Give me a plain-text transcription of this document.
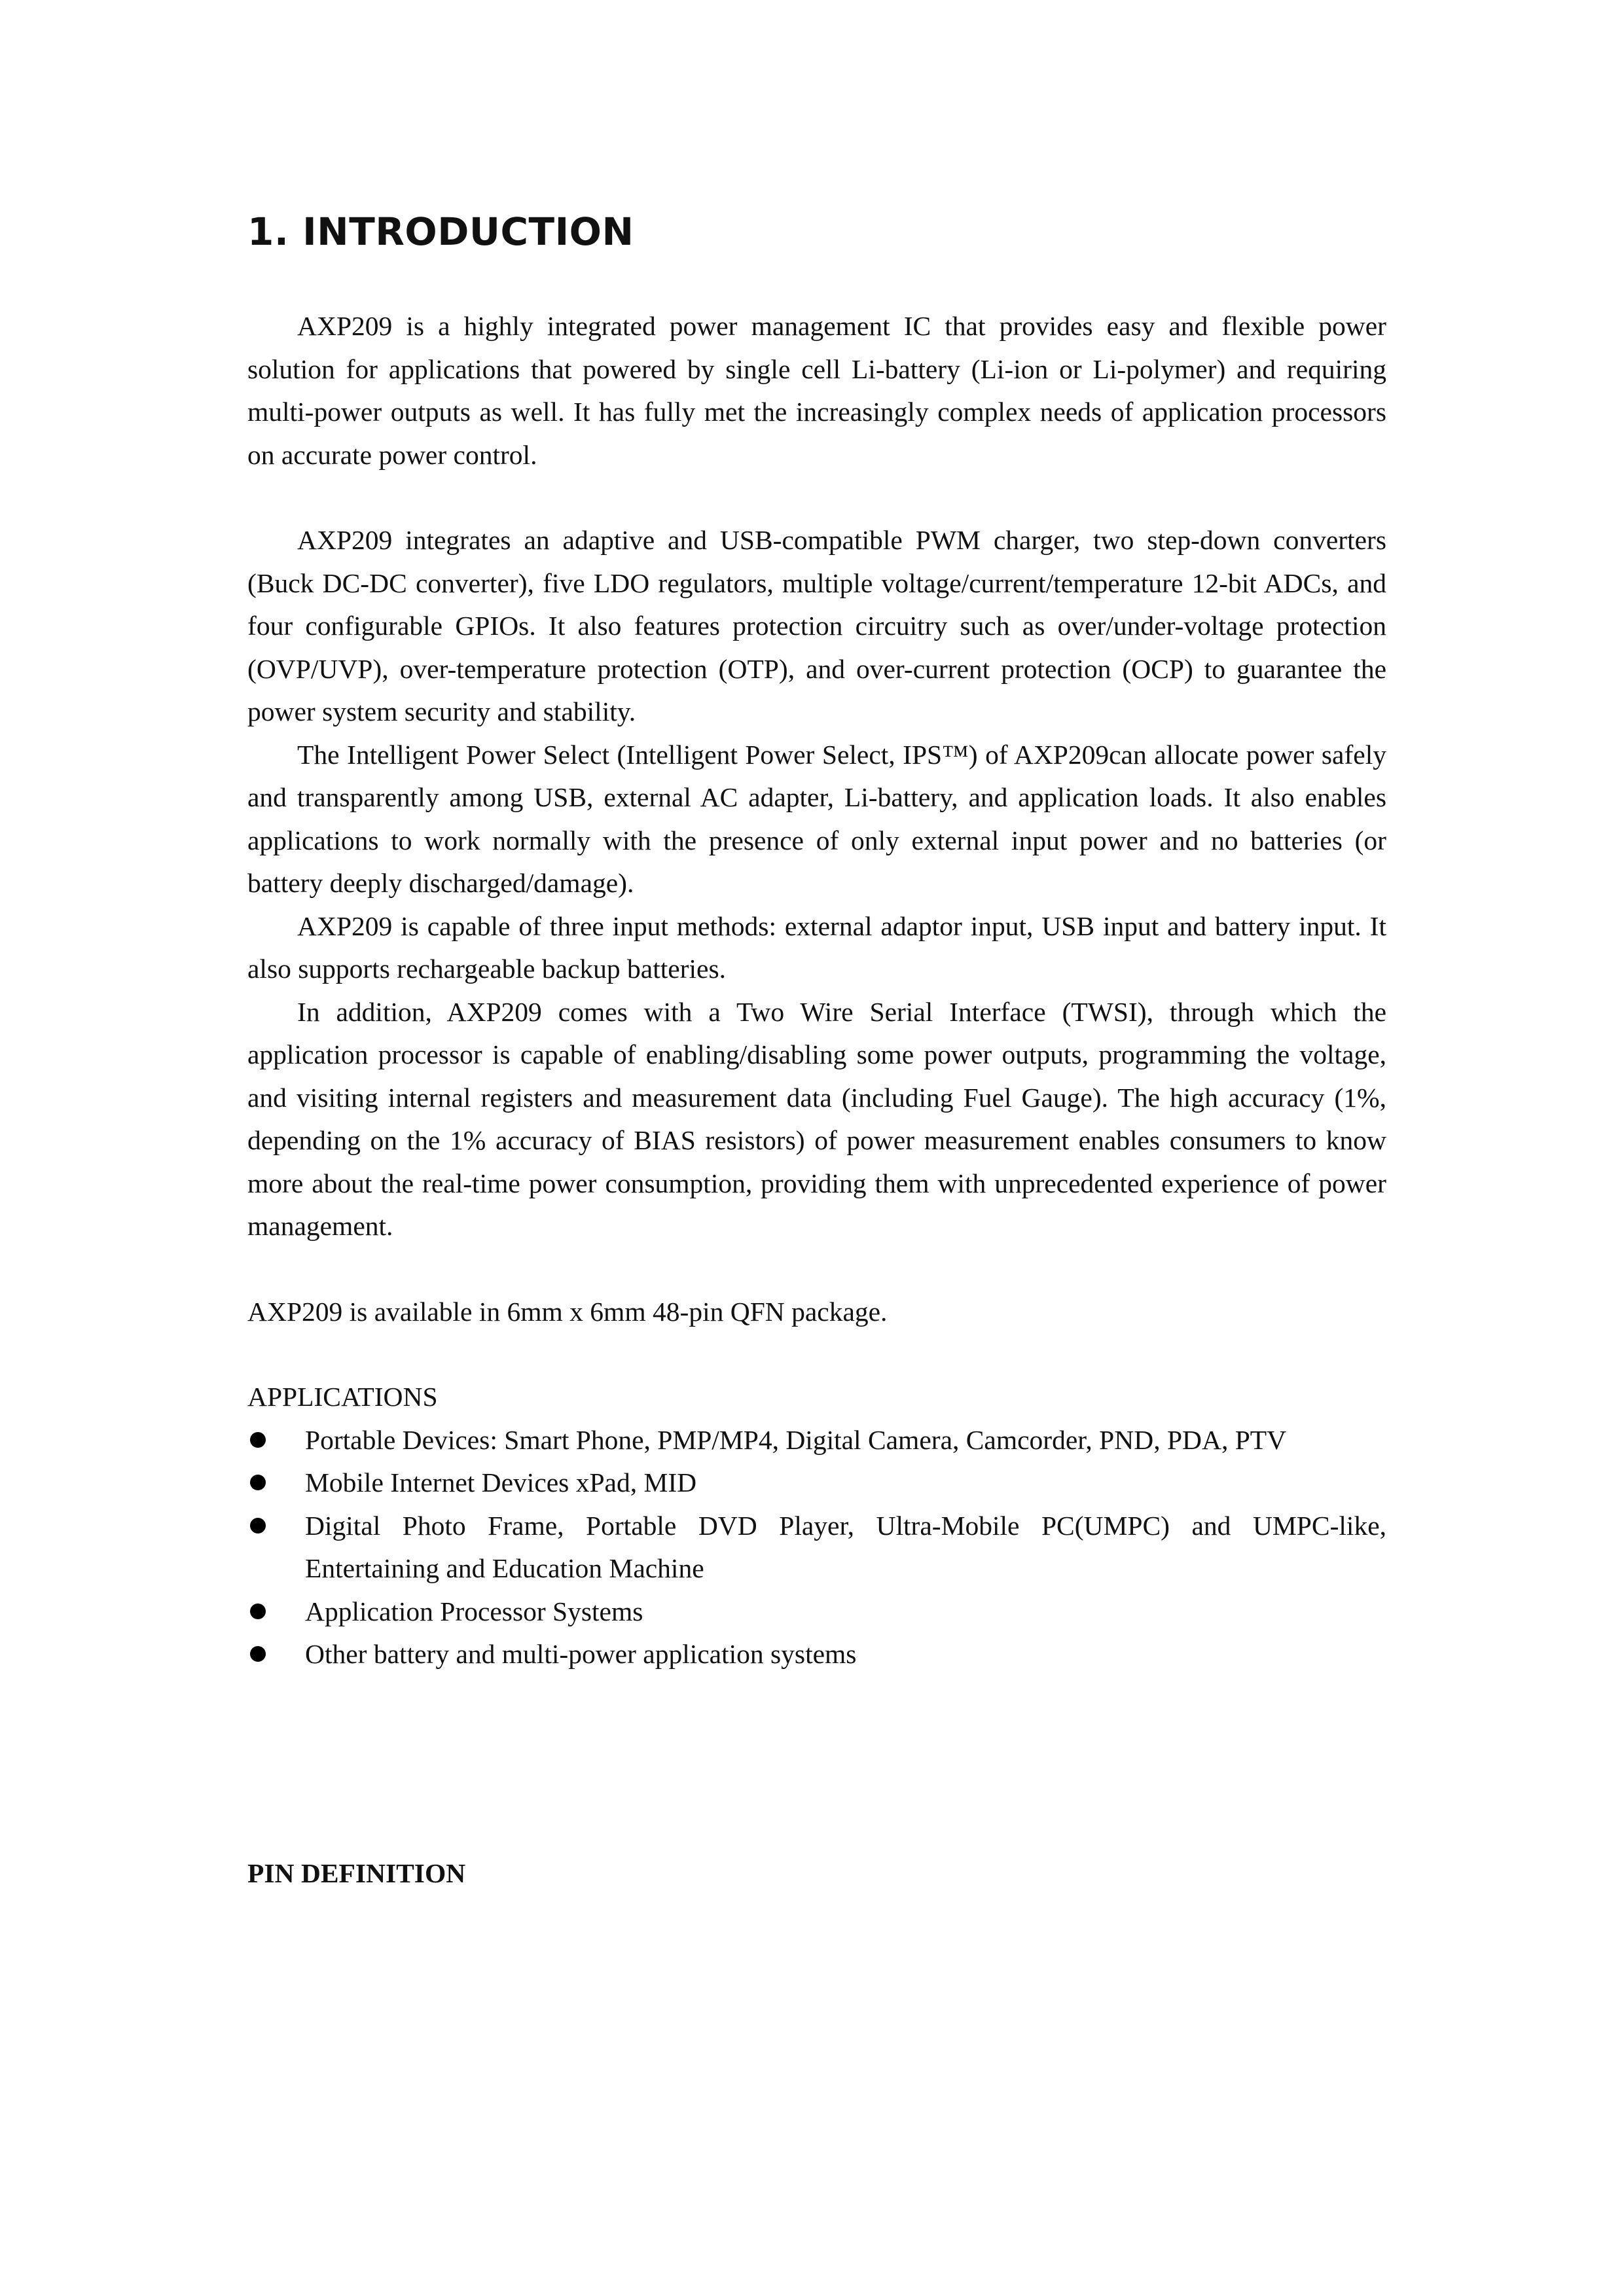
1. INTRODUCTION

AXP209 is a highly integrated power management IC that provides easy and flexible power solution for applications that powered by single cell Li-battery (Li-ion or Li-polymer) and requiring multi-power outputs as well. It has fully met the increasingly complex needs of application processors on accurate power control.

AXP209 integrates an adaptive and USB-compatible PWM charger, two step-down converters (Buck DC-DC converter), five LDO regulators, multiple voltage/current/temperature 12-bit ADCs, and four configurable GPIOs. It also features protection circuitry such as over/under-voltage protection (OVP/UVP), over-temperature protection (OTP), and over-current protection (OCP) to guarantee the power system security and stability.

The Intelligent Power Select (Intelligent Power Select, IPS™) of AXP209can allocate power safely and transparently among USB, external AC adapter, Li-battery, and application loads. It also enables applications to work normally with the presence of only external input power and no batteries (or battery deeply discharged/damage).

AXP209 is capable of three input methods: external adaptor input, USB input and battery input. It also supports rechargeable backup batteries.

In addition, AXP209 comes with a Two Wire Serial Interface (TWSI), through which the application processor is capable of enabling/disabling some power outputs, programming the voltage, and visiting internal registers and measurement data (including Fuel Gauge). The high accuracy (1%, depending on the 1% accuracy of BIAS resistors) of power measurement enables consumers to know more about the real-time power consumption, providing them with unprecedented experience of power management.

AXP209 is available in 6mm x 6mm 48-pin QFN package.

APPLICATIONS

Portable Devices: Smart Phone, PMP/MP4, Digital Camera, Camcorder, PND, PDA, PTV
Mobile Internet Devices xPad, MID
Digital Photo Frame, Portable DVD Player, Ultra-Mobile PC(UMPC) and UMPC-like, Entertaining and Education Machine
Application Processor Systems
Other battery and multi-power application systems

PIN DEFINITION
